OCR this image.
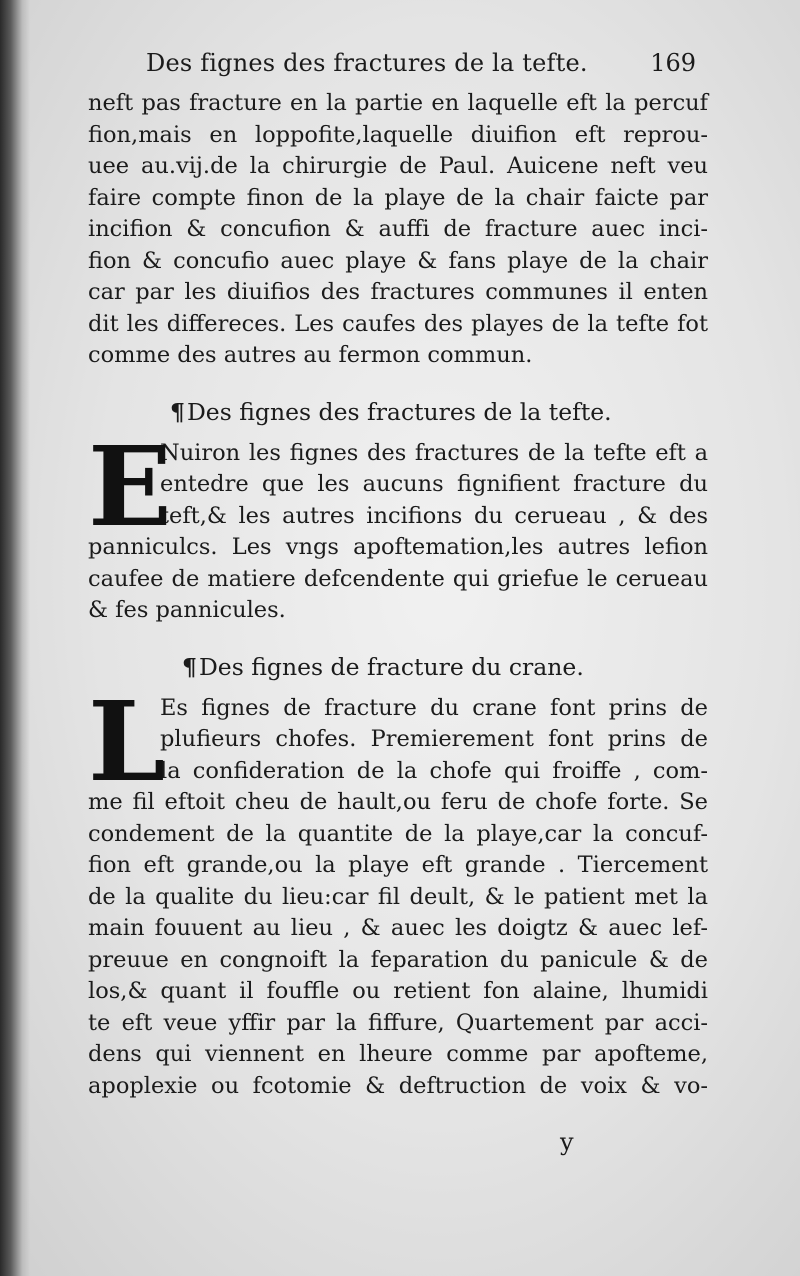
Des fignes des fractures de la tefte.	169
neft pas fracture en la partie en laquelle eft la percuf
fion,mais en loppofite,laquelle diuifion eft reprou-
uee au.vij.de la chirurgie de Paul. Auicene neft veu
faire compte finon de la playe de la chair faicte par
incifion & concufion & auffi de fracture auec inci-
fion & concufio auec playe & fans playe de la chair
car par les diuifios des fractures communes il enten
dit les differeces. Les caufes des playes de la tefte fot
comme des autres au fermon commun.
¶Des fignes des fractures de la tefte.
E
Nuiron les fignes des fractures de la tefte eft a
entedre que les aucuns fignifient fracture du
teft,& les autres incifions du cerueau , & des
panniculcs. Les vngs apoftemation,les autres lefion
caufee de matiere defcendente qui griefue le cerueau
& fes pannicules.
¶Des fignes de fracture du crane.
L
Es fignes de fracture du crane font prins de
plufieurs chofes. Premierement font prins de
la confideration de la chofe qui froiffe , com-
me fil eftoit cheu de hault,ou feru de chofe forte. Se
condement de la quantite de la playe,car la concuf-
fion eft grande,ou la playe eft grande . Tiercement
de la qualite du lieu:car fil deult, & le patient met la
main fouuent au lieu , & auec les doigtz & auec lef-
preuue en congnoift la feparation du panicule & de
los,& quant il fouffle ou retient fon alaine, lhumidi
te eft veue yffir par la fiffure, Quartement par acci-
dens qui viennent en lheure comme par apofteme,
apoplexie ou fcotomie & deftruction de voix & vo-
y
